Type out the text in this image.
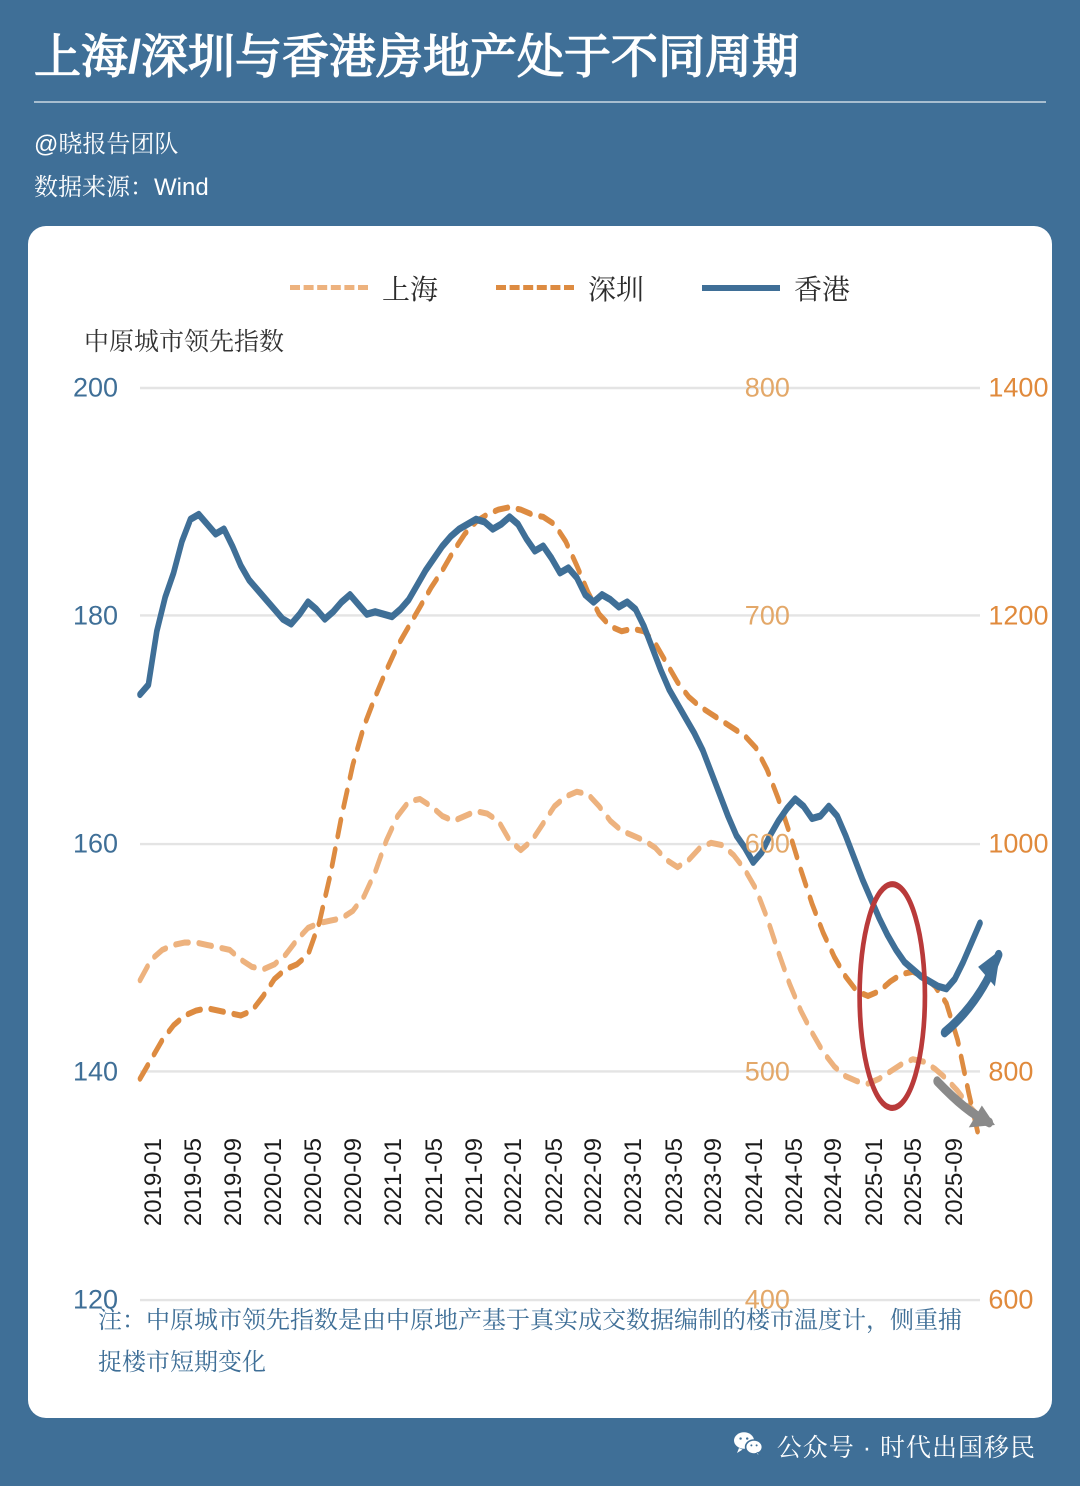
上海/深圳与香港房地产处于不同周期
@晓报告团队
数据来源：Wind
上海	深圳	香港
中原城市领先指数
200
180
160
140
120
800
700
600
500
400
1400
1200
1000
800
600
2019-01 2019-05 2019-09 2020-01 2020-05 2020-09 2021-01 2021-05 2021-09 2022-01 2022-05 2022-09 2023-01 2023-05 2023-09 2024-01 2024-05 2024-09 2025-01 2025-05 2025-09
注：中原城市领先指数是由中原地产基于真实成交数据编制的楼市温度计，侧重捕捉楼市短期变化
公众号 · 时代出国移民
